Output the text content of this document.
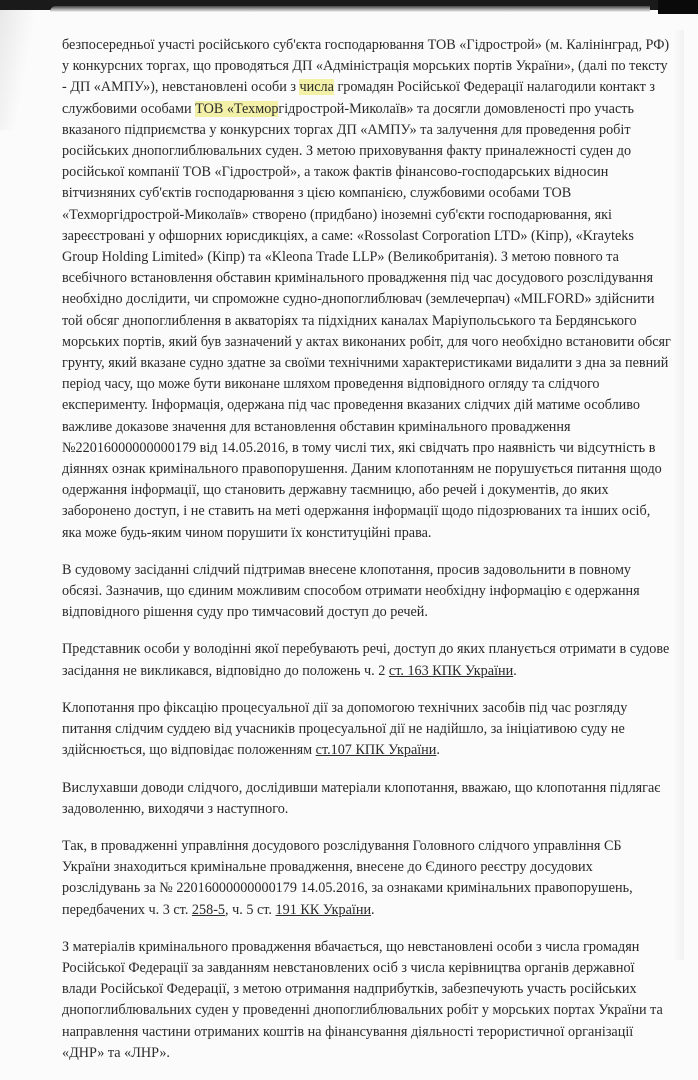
безпосередньої участі російського суб'єкта господарювання ТОВ «Гідрострой» (м. Калінінград, РФ) у конкурсних торгах, що проводяться ДП «Адміністрація морських портів України», (далі по тексту - ДП «АМПУ»), невстановлені особи з числа громадян Російської Федерації налагодили контакт з службовими особами ТОВ «Техморгідрострой-Миколаїв» та досягли домовленості про участь вказаного підприємства у конкурсних торгах ДП «АМПУ» та залучення для проведення робіт російських днопоглиблювальних суден. З метою приховування факту приналежності суден до російської компанії ТОВ «Гідрострой», а також фактів фінансово-господарських відносин вітчизняних суб'єктів господарювання з цією компанією, службовими особами ТОВ «Техморгідрострой-Миколаїв» створено (придбано) іноземні суб'єкти господарювання, які зареєстровані у офшорних юрисдикціях, а саме: «Rossolast Corporation LTD» (Кіпр), «Krayteks Group Holding Limited» (Кіпр) та «Kleona Trade LLP» (Великобританія). З метою повного та всебічного встановлення обставин кримінального провадження під час досудового розслідування необхідно дослідити, чи спроможне судно-днопоглиблювач (землечерпач) «MILFORD» здійснити той обсяг днопоглиблення в акваторіях та підхідних каналах Маріупольського та Бердянського морських портів, який був зазначений у актах виконаних робіт, для чого необхідно встановити обсяг грунту, який вказане судно здатне за своїми технічними характеристиками видалити з дна за певний період часу, що може бути виконане шляхом проведення відповідного огляду та слідчого експерименту. Інформація, одержана під час проведення вказаних слідчих дій матиме особливо важливе доказове значення для встановлення обставин кримінального провадження №22016000000000179 від 14.05.2016, в тому числі тих, які свідчать про наявність чи відсутність в діяннях ознак кримінального правопорушення. Даним клопотанням не порушується питання щодо одержання інформації, що становить державну таємницю, або речей і документів, до яких заборонено доступ, і не ставить на меті одержання інформації щодо підозрюваних та інших осіб, яка може будь-яким чином порушити їх конституційні права.

В судовому засіданні слідчий підтримав внесене клопотання, просив задовольнити в повному обсязі. Зазначив, що єдиним можливим способом отримати необхідну інформацію є одержання відповідного рішення суду про тимчасовий доступ до речей.

Представник особи у володінні якої перебувають речі, доступ до яких планується отримати в судове засідання не викликався, відповідно до положень ч. 2 ст. 163 КПК України.

Клопотання про фіксацію процесуальної дії за допомогою технічних засобів під час розгляду питання слідчим суддею від учасників процесуальної дії не надійшло, за ініціативою суду не здійснюється, що відповідає положенням ст.107 КПК України.

Вислухавши доводи слідчого, дослідивши матеріали клопотання, вважаю, що клопотання підлягає задоволенню, виходячи з наступного.

Так, в провадженні управління досудового розслідування Головного слідчого управління СБ України знаходиться кримінальне провадження, внесене до Єдиного реєстру досудових розслідувань за № 22016000000000179 14.05.2016, за ознаками кримінальних правопорушень, передбачених ч. 3 ст. 258-5, ч. 5 ст. 191 КК України.

З матеріалів кримінального провадження вбачається, що невстановлені особи з числа громадян Російської Федерації за завданням невстановлених осіб з числа керівництва органів державної влади Російської Федерації, з метою отримання надприбутків, забезпечують участь російських днопоглиблювальних суден у проведенні днопоглиблювальних робіт у морських портах України та направлення частини отриманих коштів на фінансування діяльності терористичної організації «ДНР» та «ЛНР».
